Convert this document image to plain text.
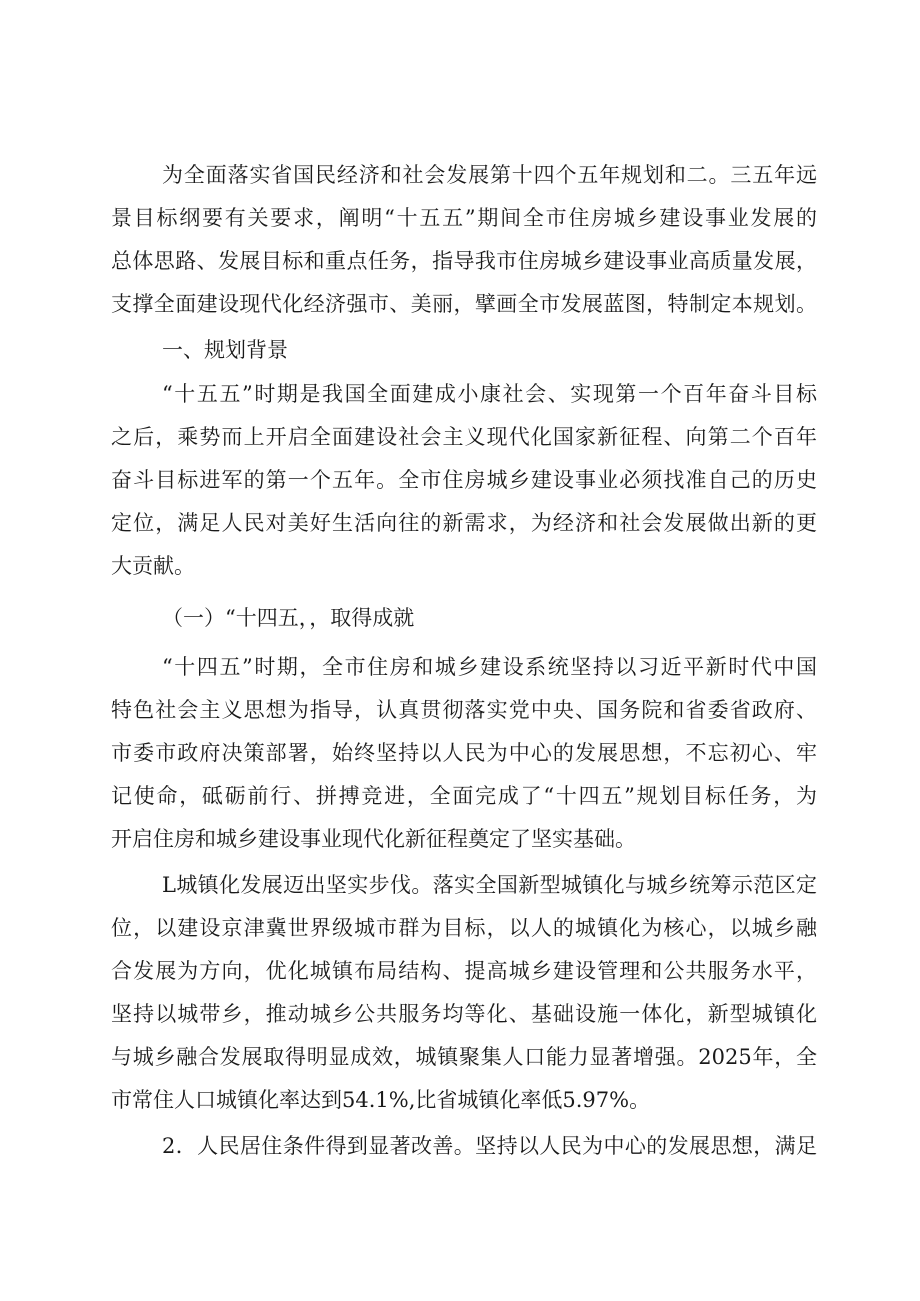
为全面落实省国民经济和社会发展第十四个五年规划和二。三五年远
景目标纲要有关要求，阐明“十五五”期间全市住房城乡建设事业发展的
总体思路、发展目标和重点任务，指导我市住房城乡建设事业高质量发展，
支撑全面建设现代化经济强市、美丽，擘画全市发展蓝图，特制定本规划。
一、规划背景
“十五五”时期是我国全面建成小康社会、实现第一个百年奋斗目标
之后，乘势而上开启全面建设社会主义现代化国家新征程、向第二个百年
奋斗目标进军的第一个五年。全市住房城乡建设事业必须找准自己的历史
定位，满足人民对美好生活向往的新需求，为经济和社会发展做出新的更
大贡献。
（一）“十四五，，取得成就
“十四五”时期，全市住房和城乡建设系统坚持以习近平新时代中国
特色社会主义思想为指导，认真贯彻落实党中央、国务院和省委省政府、
市委市政府决策部署，始终坚持以人民为中心的发展思想，不忘初心、牢
记使命，砥砺前行、拼搏竞进，全面完成了“十四五”规划目标任务，为
开启住房和城乡建设事业现代化新征程奠定了坚实基础。
L城镇化发展迈出坚实步伐。落实全国新型城镇化与城乡统筹示范区定
位，以建设京津冀世界级城市群为目标，以人的城镇化为核心，以城乡融
合发展为方向，优化城镇布局结构、提高城乡建设管理和公共服务水平，
坚持以城带乡，推动城乡公共服务均等化、基础设施一体化，新型城镇化
与城乡融合发展取得明显成效，城镇聚集人口能力显著增强。2025年，全
市常住人口城镇化率达到54.1%,比省城镇化率低5.97%。
2．人民居住条件得到显著改善。坚持以人民为中心的发展思想，满足
